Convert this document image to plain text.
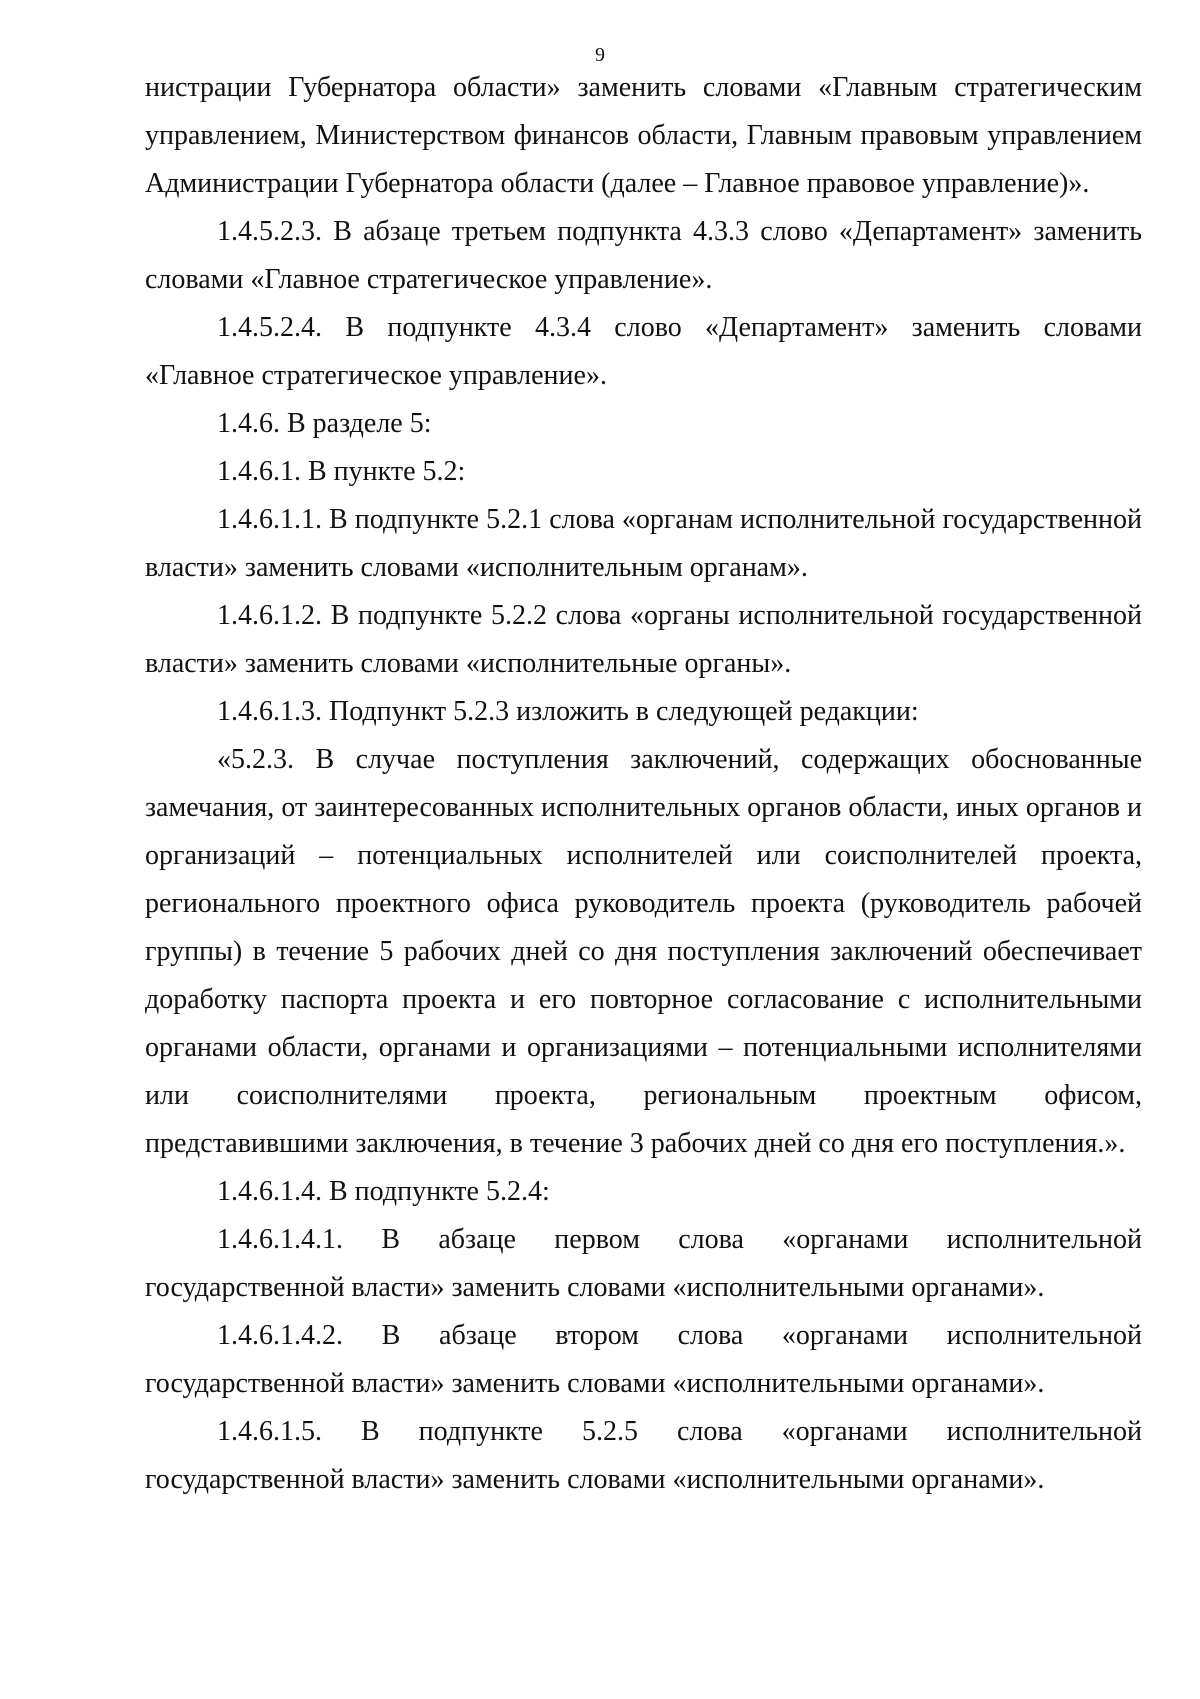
9

нистрации Губернатора области» заменить словами «Главным стратегическим управлением, Министерством финансов области, Главным правовым управлением Администрации Губернатора области (далее – Главное правовое управление)».

1.4.5.2.3. В абзаце третьем подпункта 4.3.3 слово «Департамент» заменить словами «Главное стратегическое управление».

1.4.5.2.4. В подпункте 4.3.4 слово «Департамент» заменить словами «Главное стратегическое управление».

1.4.6. В разделе 5:

1.4.6.1. В пункте 5.2:

1.4.6.1.1. В подпункте 5.2.1 слова «органам исполнительной государственной власти» заменить словами «исполнительным органам».

1.4.6.1.2. В подпункте 5.2.2 слова «органы исполнительной государственной власти» заменить словами «исполнительные органы».

1.4.6.1.3. Подпункт 5.2.3 изложить в следующей редакции:

«5.2.3. В случае поступления заключений, содержащих обоснованные замечания, от заинтересованных исполнительных органов области, иных органов и организаций – потенциальных исполнителей или соисполнителей проекта, регионального проектного офиса руководитель проекта (руководитель рабочей группы) в течение 5 рабочих дней со дня поступления заключений обеспечивает доработку паспорта проекта и его повторное согласование с исполнительными органами области, органами и организациями – потенциальными исполнителями или соисполнителями проекта, региональным проектным офисом, представившими заключения, в течение 3 рабочих дней со дня его поступления.».

1.4.6.1.4. В подпункте 5.2.4:

1.4.6.1.4.1. В абзаце первом слова «органами исполнительной государственной власти» заменить словами «исполнительными органами».

1.4.6.1.4.2. В абзаце втором слова «органами исполнительной государственной власти» заменить словами «исполнительными органами».

1.4.6.1.5. В подпункте 5.2.5 слова «органами исполнительной государственной власти» заменить словами «исполнительными органами».
